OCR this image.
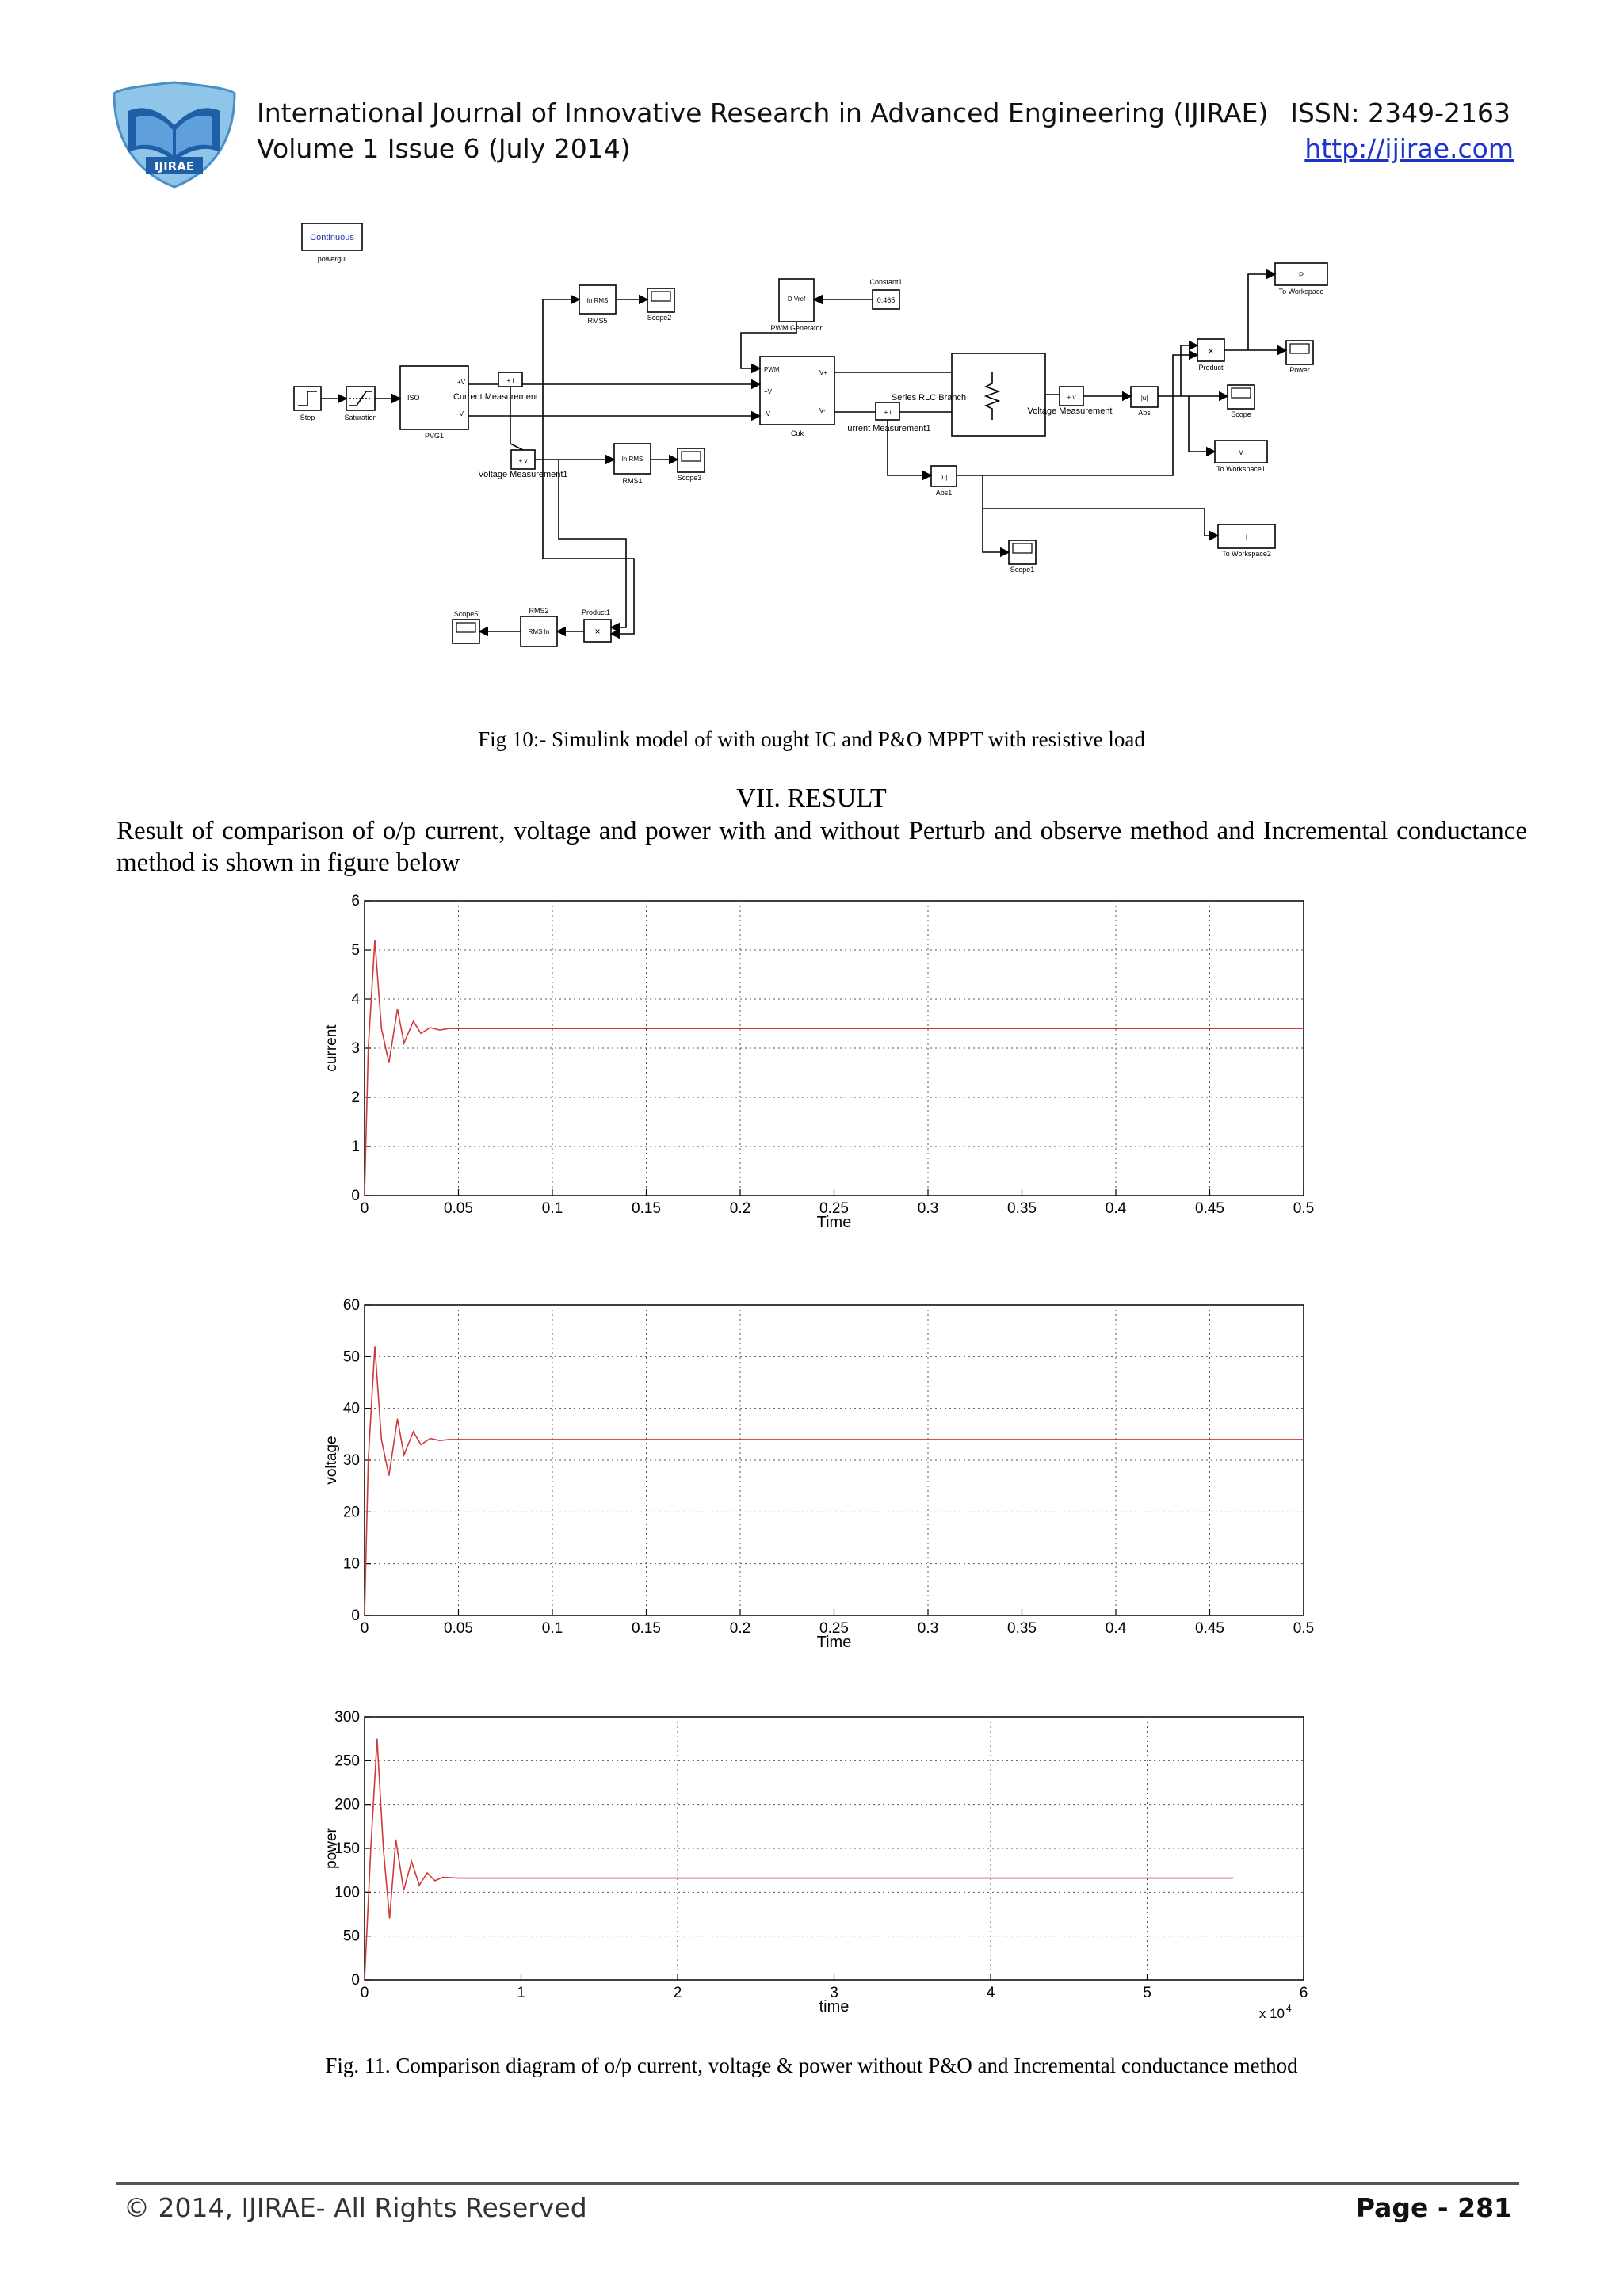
IJIRAE
International Journal of Innovative Research in Advanced Engineering (IJIRAE)
Volume 1 Issue 6 (July 2014)
ISSN: 2349-2163
http://ijirae.com
Continuous
powergui
Step	Saturation
ISO
+V
-V
PVG1
+ i
Current Measurement
In RMS
RMS5	Scope2
+ v
Voltage Measurement1
In RMS
RMS1	Scope3
Scope5
RMS In
RMS2
×
Product1
D Vref
PWM Generator
0.465
Constant1
PWM
+V
-V
V+
V-
Cuk
Series RLC Branch
+ i
urrent Measurement1
+ v
Voltage Measurement
|u|
Abs
|u|
Abs1
×
Product
P
To Workspace
Power
Scope
V
To Workspace1
Scope1
I
To Workspace2
Fig 10:- Simulink model of with ought IC and P&O MPPT with resistive load
VII. RESULT
Result of comparison of o/p current, voltage and power with and without Perturb and observe method and Incremental conductance method is shown in figure below
0	0.05	0.1	0.15	0.2	0.25	0.3	0.35	0.4	0.45	0.5
0
1
2
3
4
5
6
Time
current
0	0.05	0.1	0.15	0.2	0.25	0.3	0.35	0.4	0.45	0.5
0
10
20
30
40
50
60
Time
voltage
0	1	2	3	4	5	6
0
50
100
150
200
250
300
time
power
x 10 4
Fig. 11. Comparison diagram of o/p current, voltage & power without P&O and Incremental conductance method
© 2014, IJIRAE- All Rights Reserved	Page - 281
